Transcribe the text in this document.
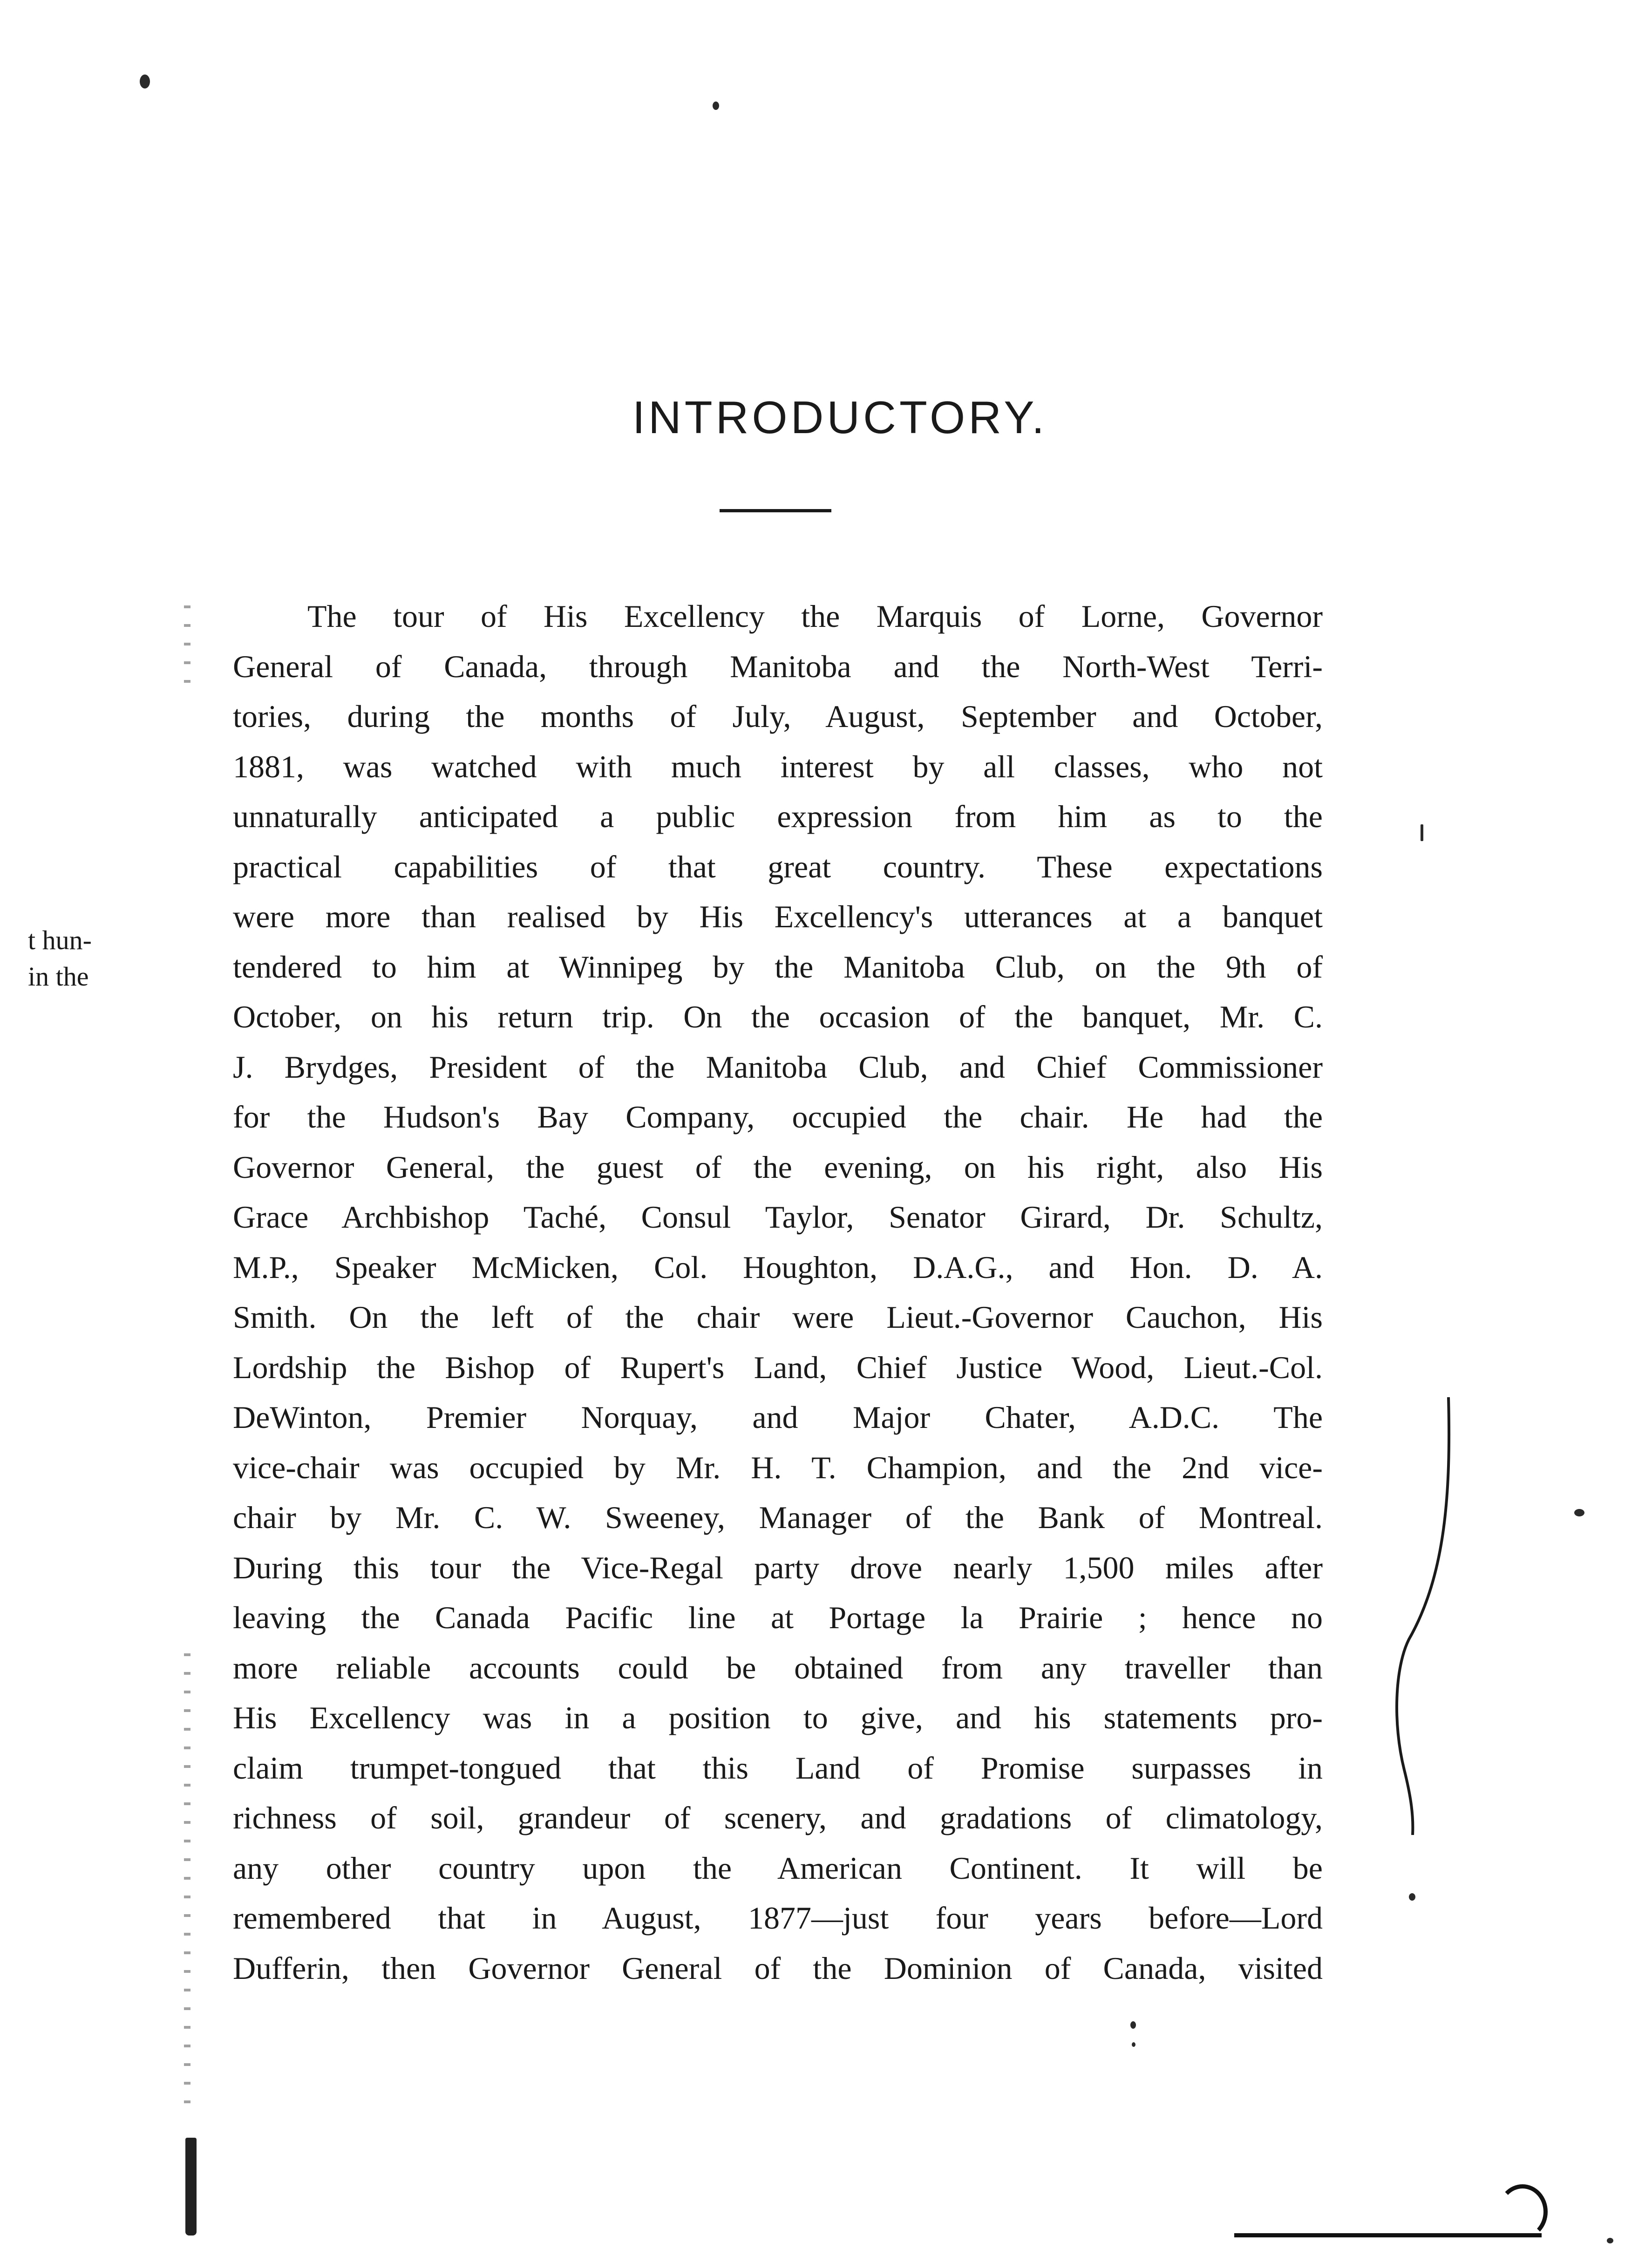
INTRODUCTORY.
t hun-
in the
The tour of His Excellency the Marquis of Lorne, Governor
General of Canada, through Manitoba and the North-West Terri-
tories, during the months of July, August, September and October,
1881, was watched with much interest by all classes, who not
unnaturally anticipated a public expression from him as to the
practical capabilities of that great country. These expectations
were more than realised by His Excellency's utterances at a banquet
tendered to him at Winnipeg by the Manitoba Club, on the 9th of
October, on his return trip. On the occasion of the banquet, Mr. C.
J. Brydges, President of the Manitoba Club, and Chief Commissioner
for the Hudson's Bay Company, occupied the chair. He had the
Governor General, the guest of the evening, on his right, also His
Grace Archbishop Taché, Consul Taylor, Senator Girard, Dr. Schultz,
M.P., Speaker McMicken, Col. Houghton, D.A.G., and Hon. D. A.
Smith. On the left of the chair were Lieut.-Governor Cauchon, His
Lordship the Bishop of Rupert's Land, Chief Justice Wood, Lieut.-Col.
DeWinton, Premier Norquay, and Major Chater, A.D.C. The
vice-chair was occupied by Mr. H. T. Champion, and the 2nd vice-
chair by Mr. C. W. Sweeney, Manager of the Bank of Montreal.
During this tour the Vice-Regal party drove nearly 1,500 miles after
leaving the Canada Pacific line at Portage la Prairie ; hence no
more reliable accounts could be obtained from any traveller than
His Excellency was in a position to give, and his statements pro-
claim trumpet-tongued that this Land of Promise surpasses in
richness of soil, grandeur of scenery, and gradations of climatology,
any other country upon the American Continent. It will be
remembered that in August, 1877—just four years before—Lord
Dufferin, then Governor General of the Dominion of Canada, visited
